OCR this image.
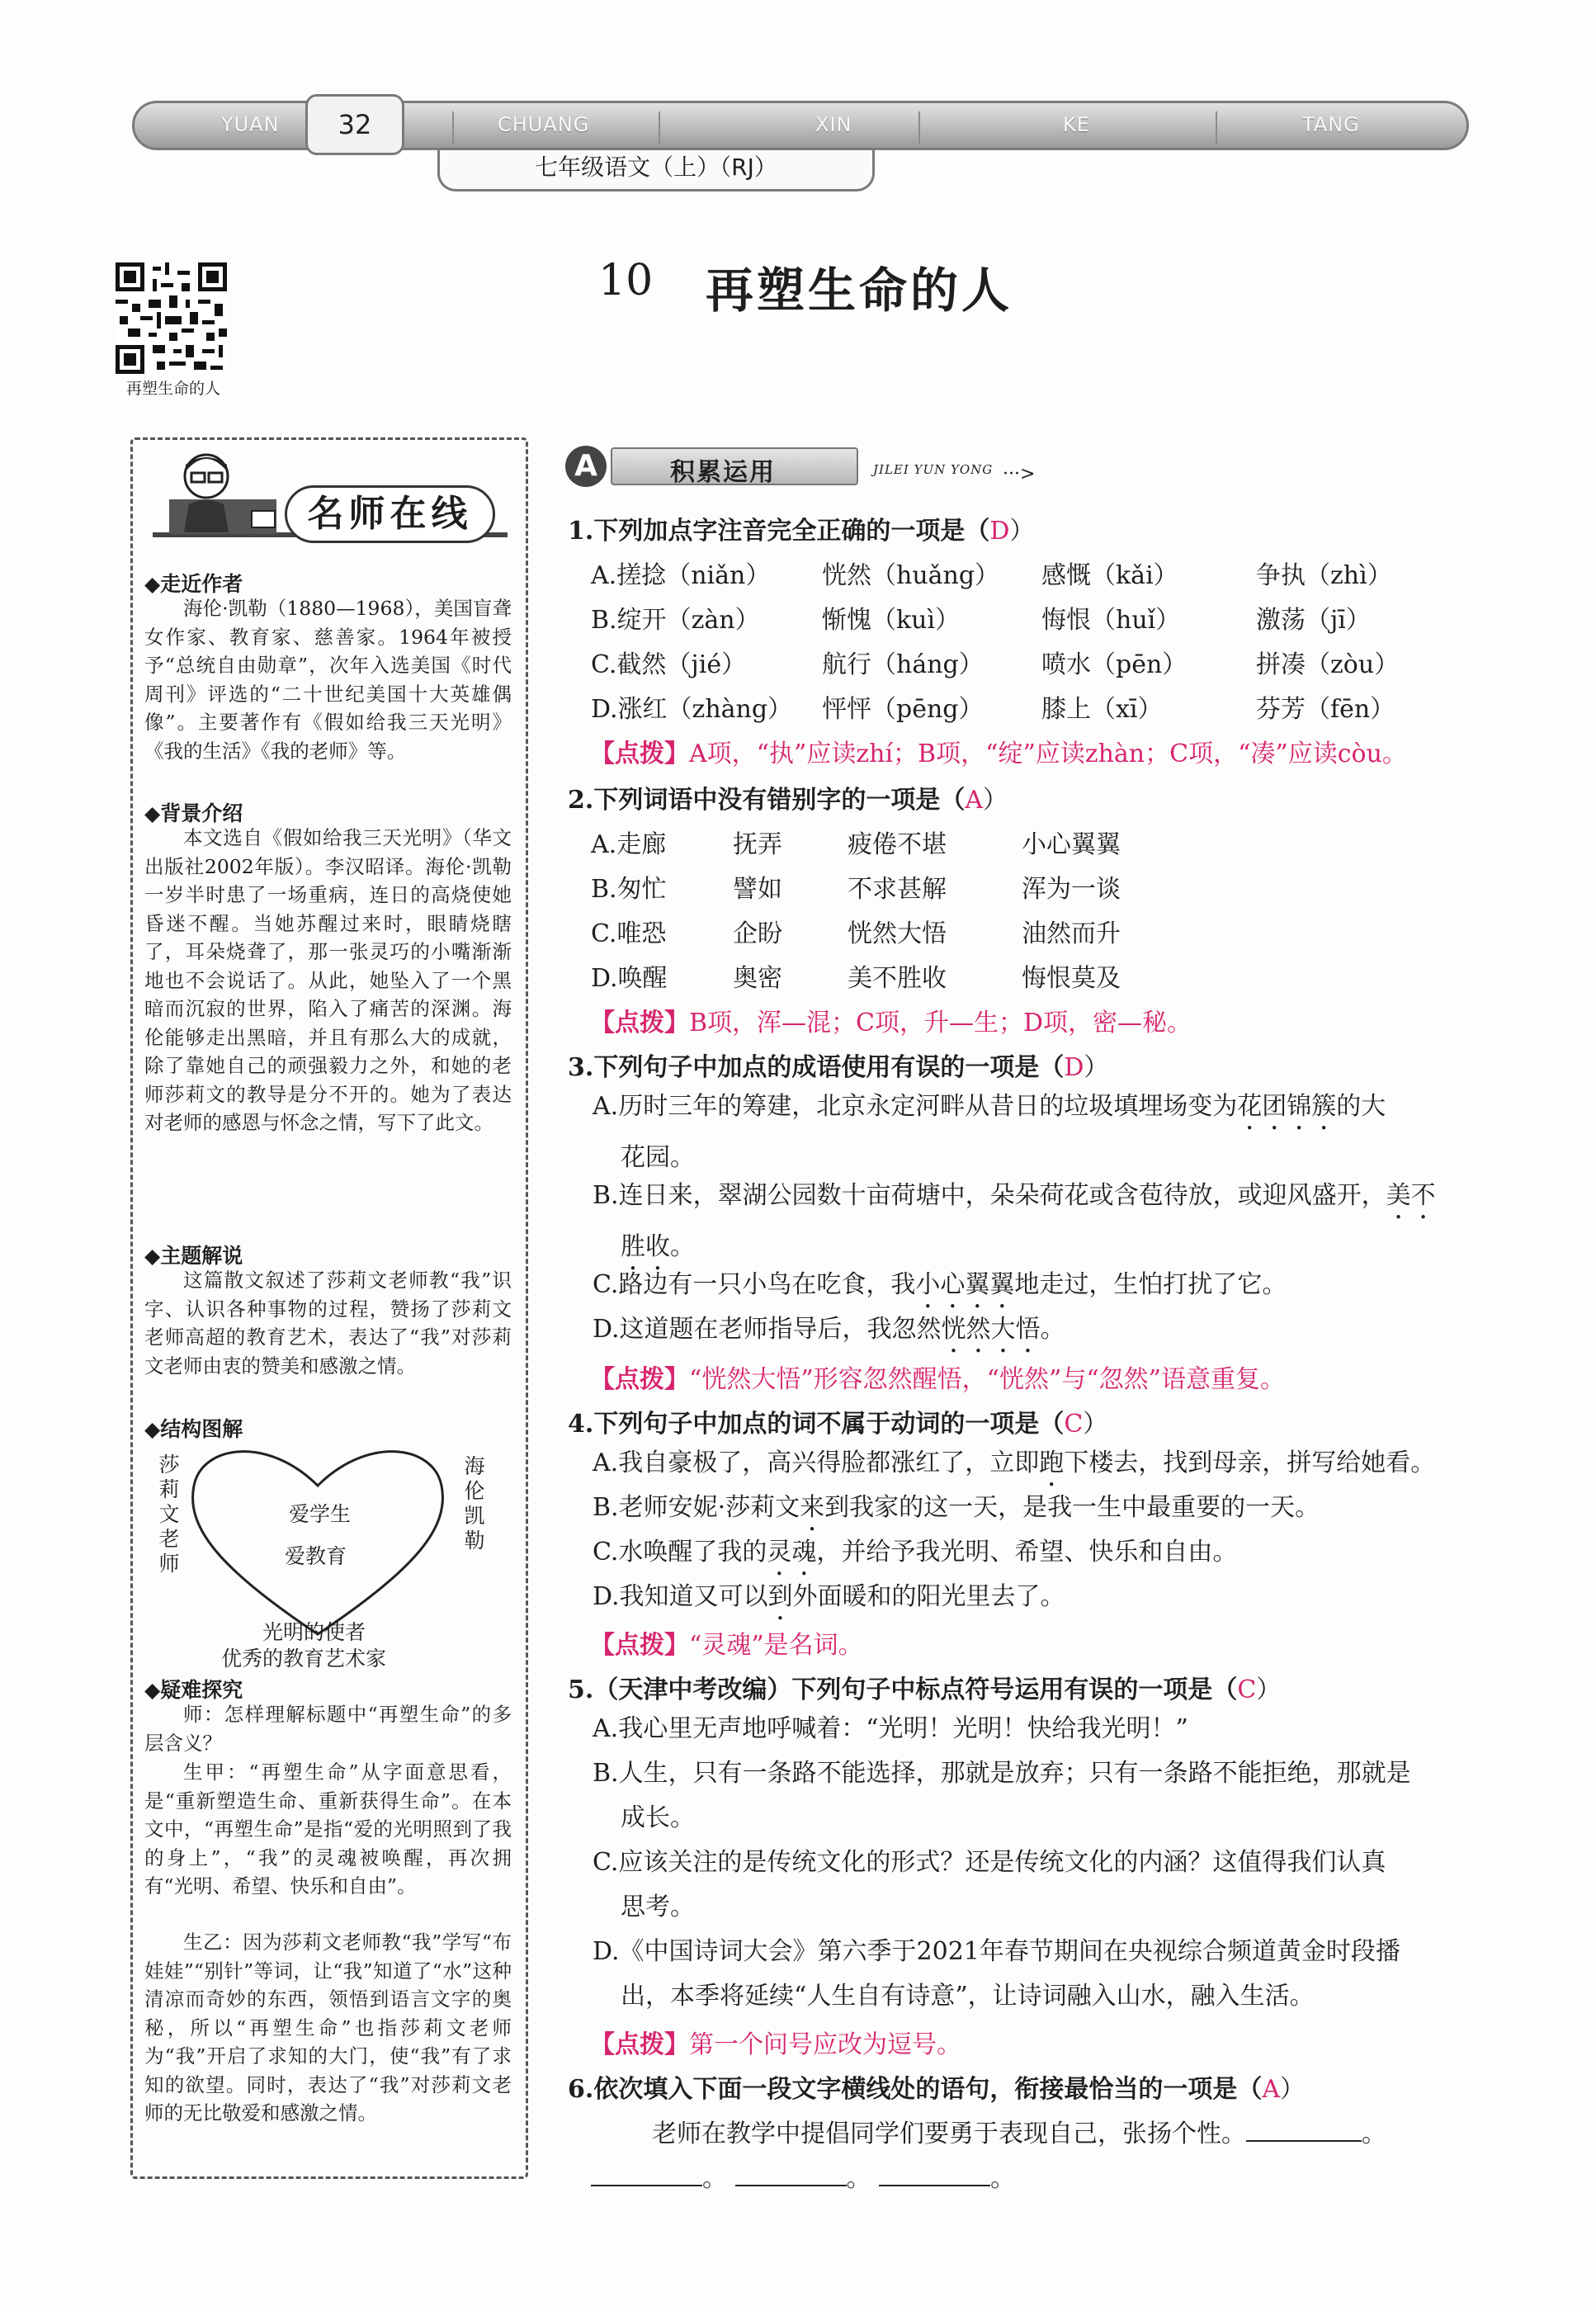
YUAN	CHUANG	XIN	KE	TANG
32
七年级语文（上）（RJ）
再塑生命的人
10 再塑生命的人
名师在线
◆走近作者
海伦·凯勒（1880—1968），美国盲聋女作家、教育家、慈善家。1964年被授予“总统自由勋章”，次年入选美国《时代周刊》评选的“二十世纪美国十大英雄偶像”。主要著作有《假如给我三天光明》《我的生活》《我的老师》等。
◆背景介绍
本文选自《假如给我三天光明》（华文出版社2002年版）。李汉昭译。海伦·凯勒一岁半时患了一场重病，连日的高烧使她昏迷不醒。当她苏醒过来时，眼睛烧瞎了，耳朵烧聋了，那一张灵巧的小嘴渐渐地也不会说话了。从此，她坠入了一个黑暗而沉寂的世界，陷入了痛苦的深渊。海伦能够走出黑暗，并且有那么大的成就，除了靠她自己的顽强毅力之外，和她的老师莎莉文的教导是分不开的。她为了表达对老师的感恩与怀念之情，写下了此文。
◆主题解说
这篇散文叙述了莎莉文老师教“我”识字、认识各种事物的过程，赞扬了莎莉文老师高超的教育艺术，表达了“我”对莎莉文老师由衷的赞美和感激之情。
◆结构图解
莎莉文老师
海伦凯勒
爱学生
爱教育
光明的使者
优秀的教育艺术家
◆疑难探究
师：怎样理解标题中“再塑生命”的多层含义？
生甲：“再塑生命”从字面意思看，是“重新塑造生命、重新获得生命”。在本文中，“再塑生命”是指“爱的光明照到了我的身上”，“我”的灵魂被唤醒，再次拥有“光明、希望、快乐和自由”。
生乙：因为莎莉文老师教“我”学写“布娃娃”“别针”等词，让“我”知道了“水”这种清凉而奇妙的东西，领悟到语言文字的奥秘，所以“再塑生命”也指莎莉文老师为“我”开启了求知的大门，使“我”有了求知的欲望。同时，表达了“我”对莎莉文老师的无比敬爱和感激之情。
A	积累运用	JILEI YUN YONG ···>
1.下列加点字注音完全正确的一项是（D）
A.搓捻（niǎn） 恍然（huǎng） 感慨（kǎi）	争执（zhì）
B.绽开（zàn）	惭愧（kuì）	悔恨（huǐ）	激荡（jī）
C.截然（jié）	航行（háng） 喷水（pēn）	拼凑（zòu）
D.涨红（zhàng） 怦怦（pēng） 膝上（xī）	芬芳（fēn）
【点拨】A项，“执”应读zhí；B项，“绽”应读zhàn；C项，“凑”应读còu。
2.下列词语中没有错别字的一项是（A）
A.走廊	抚弄	疲倦不堪	小心翼翼
B.匆忙	譬如	不求甚解	浑为一谈
C.唯恐	企盼	恍然大悟	油然而升
D.唤醒	奥密	美不胜收	悔恨莫及
【点拨】B项，浑—混；C项，升—生；D项，密—秘。
3.下列句子中加点的成语使用有误的一项是（D）
A.历时三年的筹建，北京永定河畔从昔日的垃圾填埋场变为花团锦簇的大
花园。
B.连日来，翠湖公园数十亩荷塘中，朵朵荷花或含苞待放，或迎风盛开，美不
胜收。
C.路边有一只小鸟在吃食，我小心翼翼地走过，生怕打扰了它。
D.这道题在老师指导后，我忽然恍然大悟。
【点拨】“恍然大悟”形容忽然醒悟，“恍然”与“忽然”语意重复。
4.下列句子中加点的词不属于动词的一项是（C）
A.我自豪极了，高兴得脸都涨红了，立即跑下楼去，找到母亲，拼写给她看。
B.老师安妮·莎莉文来到我家的这一天，是我一生中最重要的一天。
C.水唤醒了我的灵魂，并给予我光明、希望、快乐和自由。
D.我知道又可以到外面暖和的阳光里去了。
【点拨】“灵魂”是名词。
5.（天津中考改编）下列句子中标点符号运用有误的一项是（C）
A.我心里无声地呼喊着：“光明！光明！快给我光明！”
B.人生，只有一条路不能选择，那就是放弃；只有一条路不能拒绝，那就是
成长。
C.应该关注的是传统文化的形式？还是传统文化的内涵？这值得我们认真
思考。
D.《中国诗词大会》第六季于2021年春节期间在央视综合频道黄金时段播
出，本季将延续“人生自有诗意”，让诗词融入山水，融入生活。
【点拨】第一个问号应改为逗号。
6.依次填入下面一段文字横线处的语句，衔接最恰当的一项是（A）
老师在教学中提倡同学们要勇于表现自己，张扬个性。	。
。	。	。
